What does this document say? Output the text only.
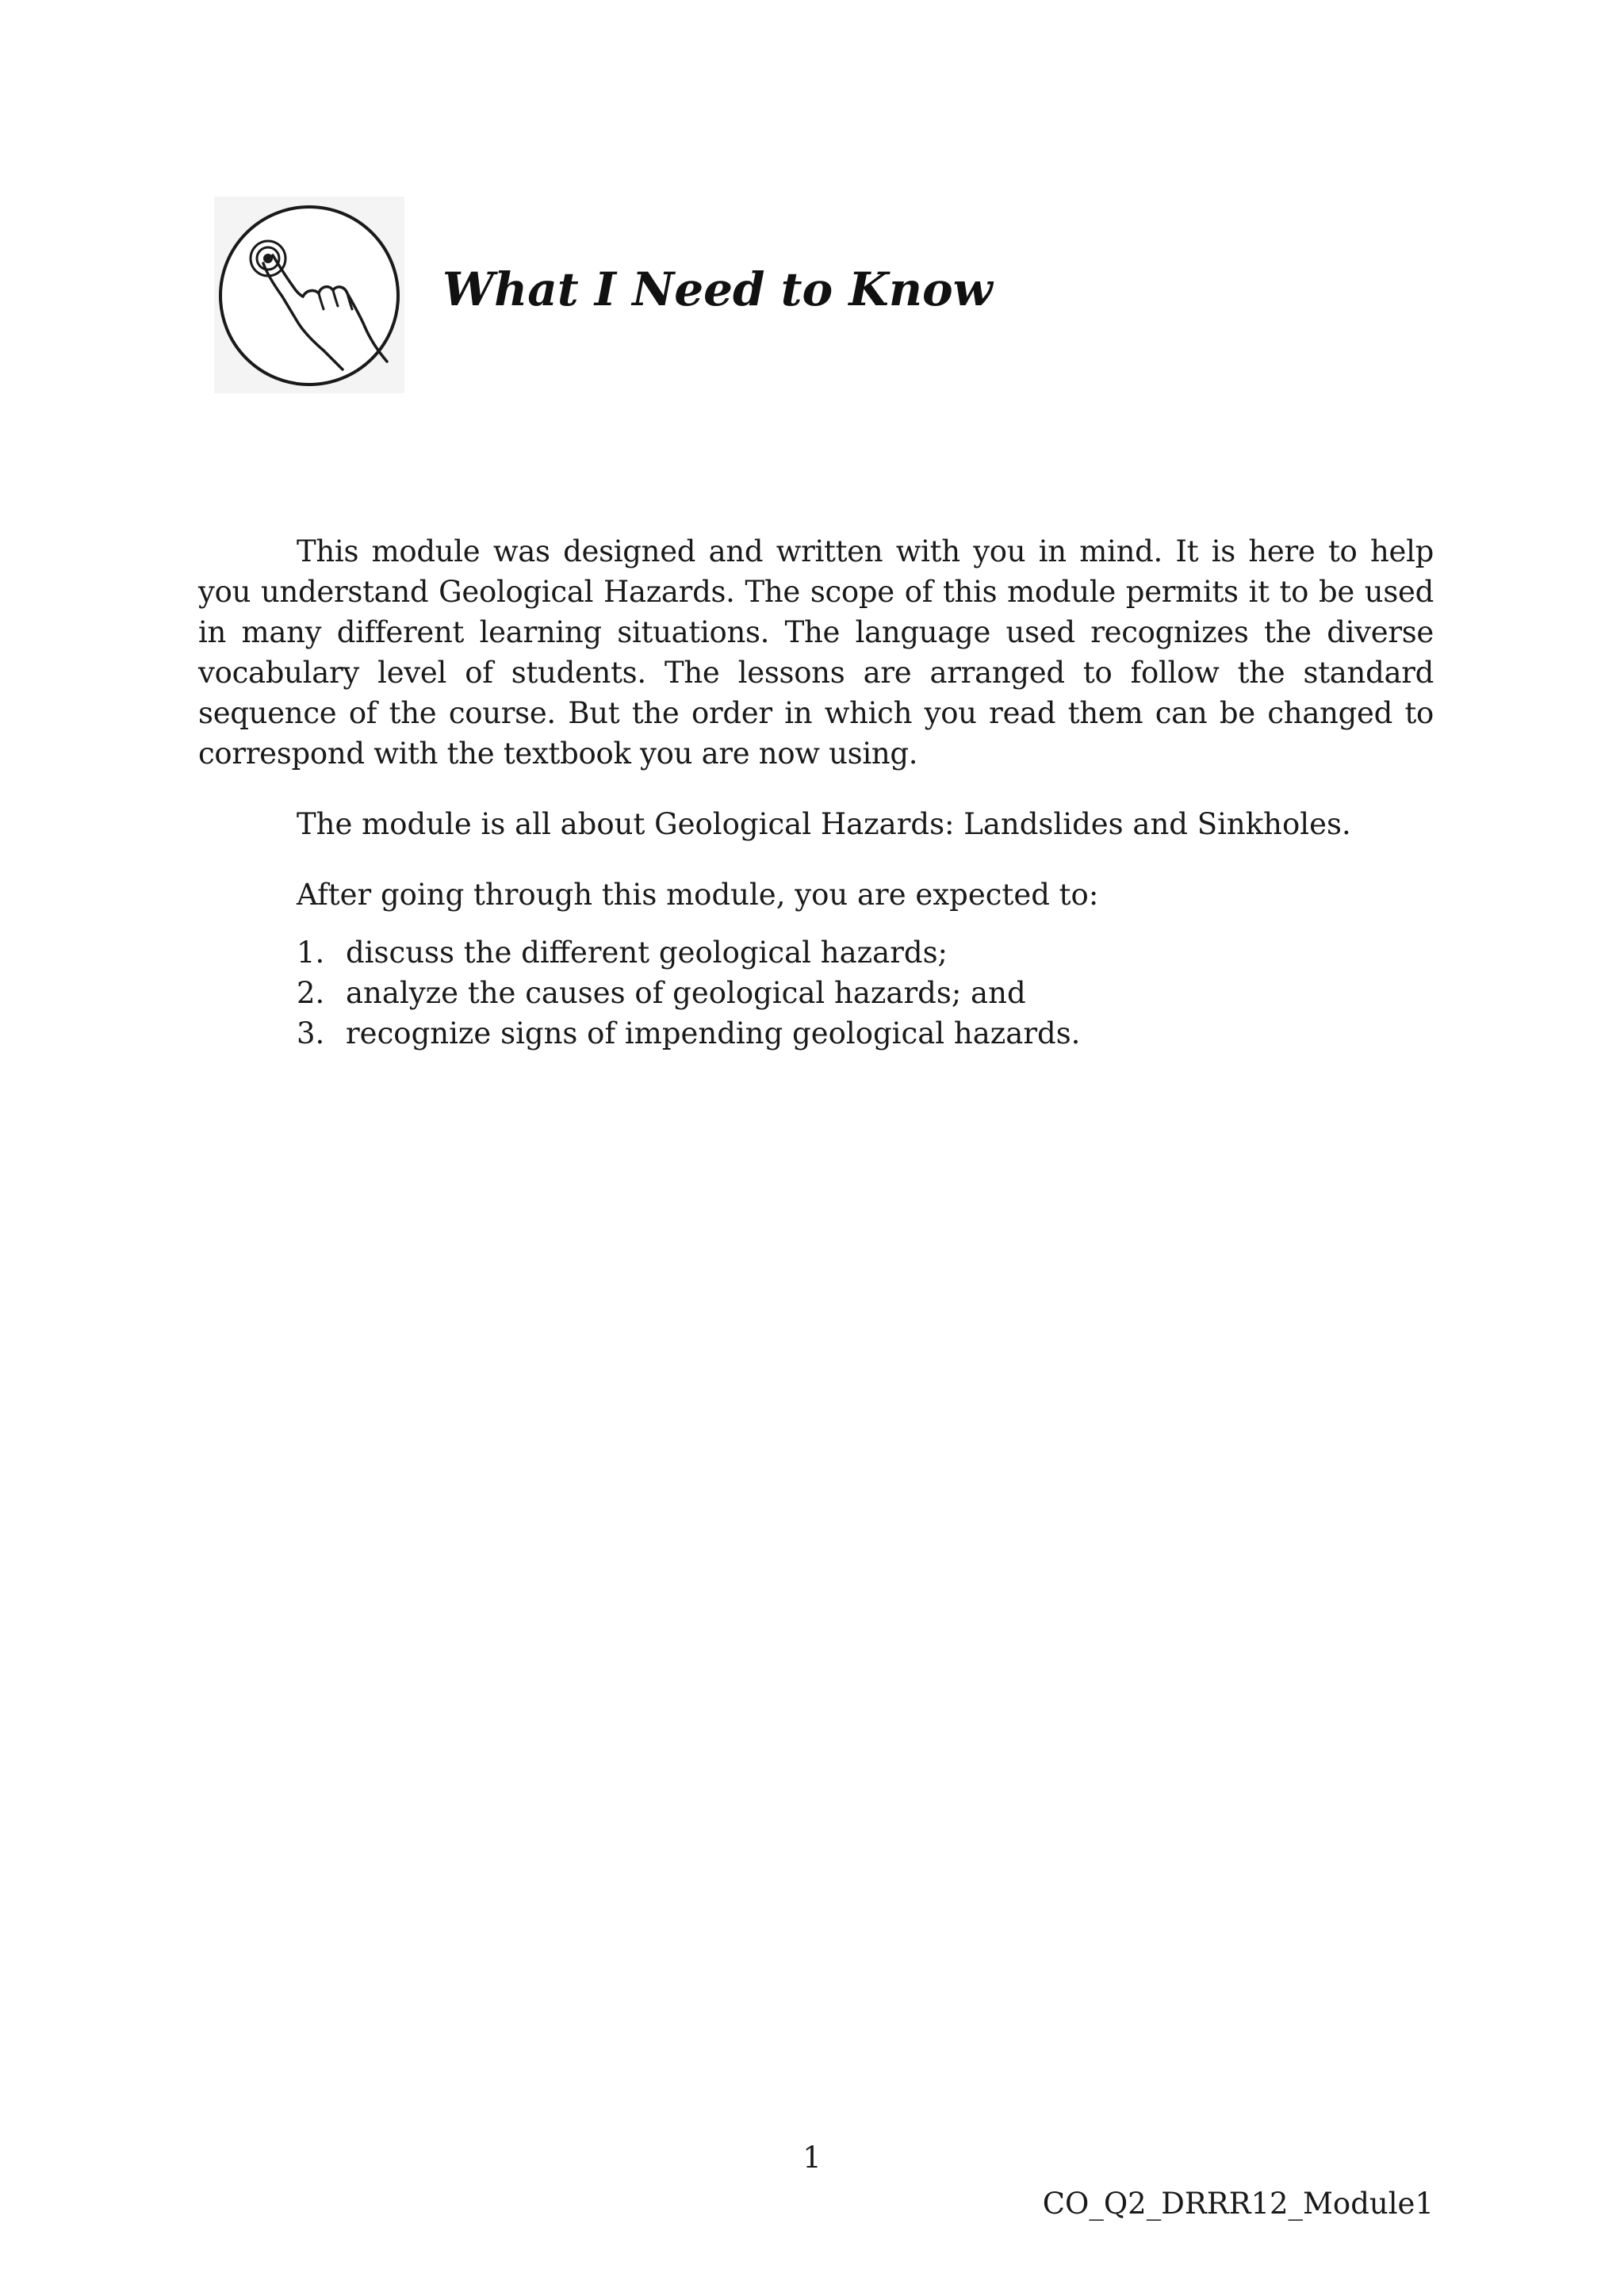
What I Need to Know

This module was designed and written with you in mind. It is here to help you understand Geological Hazards. The scope of this module permits it to be used in many different learning situations. The language used recognizes the diverse vocabulary level of students. The lessons are arranged to follow the standard sequence of the course. But the order in which you read them can be changed to correspond with the textbook you are now using.

The module is all about Geological Hazards: Landslides and Sinkholes.

After going through this module, you are expected to:

1. discuss the different geological hazards;
2. analyze the causes of geological hazards; and
3. recognize signs of impending geological hazards.
1
CO_Q2_DRRR12_Module1
